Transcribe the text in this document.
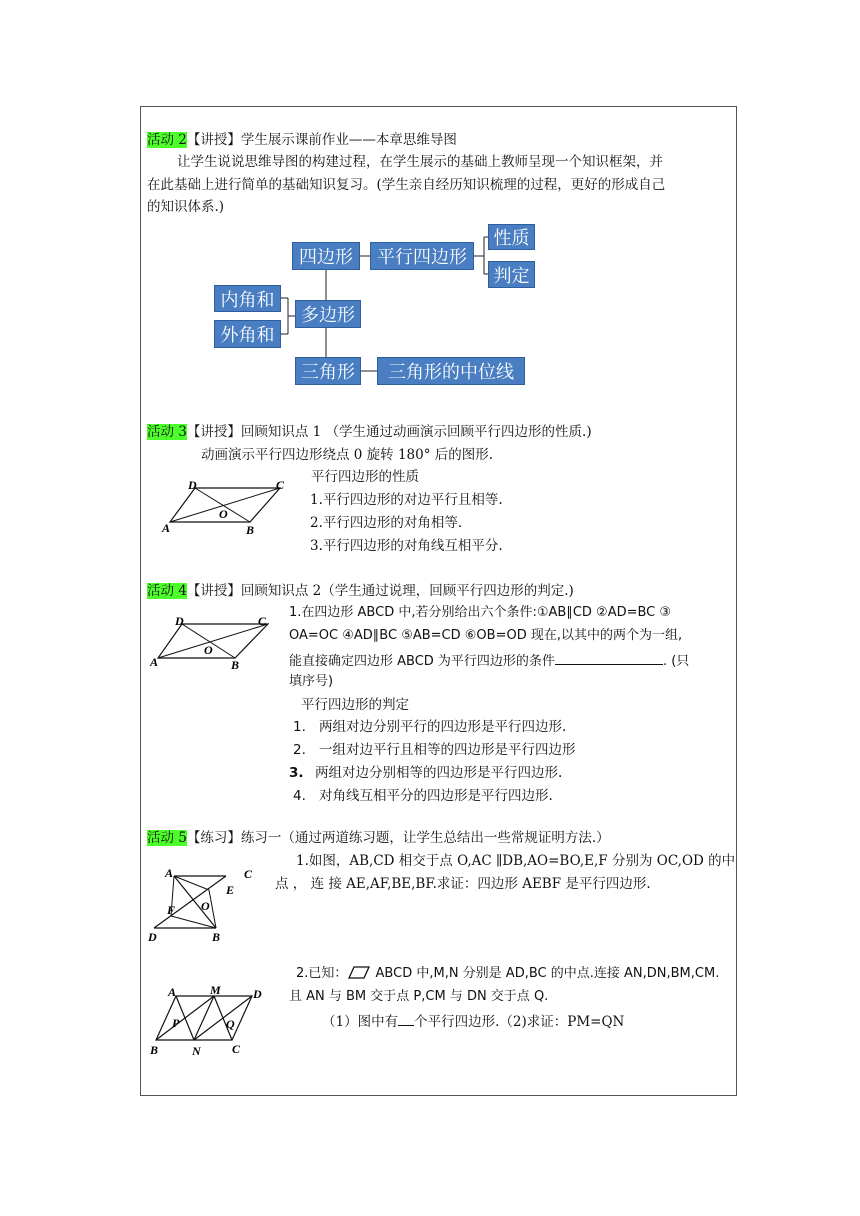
活动 2【讲授】学生展示课前作业——本章思维导图
让学生说说思维导图的构建过程，在学生展示的基础上教师呈现一个知识框架，并
在此基础上进行简单的基础知识复习。(学生亲自经历知识梳理的过程，更好的形成自己
的知识体系.)
四边形	平行四边形
性质
判定
内角和
外角和
多边形
三角形	三角形的中位线
活动 3【讲授】回顾知识点 1 （学生通过动画演示回顾平行四边形的性质.)
动画演示平行四边形绕点 0 旋转 180° 后的图形.
平行四边形的性质
1.平行四边形的对边平行且相等.
2.平行四边形的对角相等.
3.平行四边形的对角线互相平分.
D	C
O
A	B
活动 4【讲授】回顾知识点 2（学生通过说理，回顾平行四边形的判定.)
1.在四边形 ABCD 中,若分别给出六个条件:①AB∥CD ②AD=BC ③
OA=OC ④AD∥BC ⑤AB=CD ⑥OB=OD 现在,以其中的两个为一组,
能直接确定四边形 ABCD 为平行四边形的条件	. (只
填序号)
平行四边形的判定
1. 两组对边分别平行的四边形是平行四边形.
2. 一组对边平行且相等的四边形是平行四边形
3. 两组对边分别相等的四边形是平行四边形.
4. 对角线互相平分的四边形是平行四边形.
D	C
O
A	B
活动 5【练习】练习一（通过两道练习题，让学生总结出一些常规证明方法.）
1.如图，AB,CD 相交于点 O,AC ∥DB,AO=BO,E,F 分别为 OC,OD 的中
点 ， 连 接 AE,AF,BE,BF.求证：四边形 AEBF 是平行四边形.
A	C
E
O
F
D	B
2.已知： ABCD 中,M,N 分别是 AD,BC 的中点.连接 AN,DN,BM,CM.
且 AN 与 BM 交于点 P,CM 与 DN 交于点 Q.
（1）图中有 个平行四边形.（2)求证：PM=QN
A	M	D
P	Q
B	N	C
